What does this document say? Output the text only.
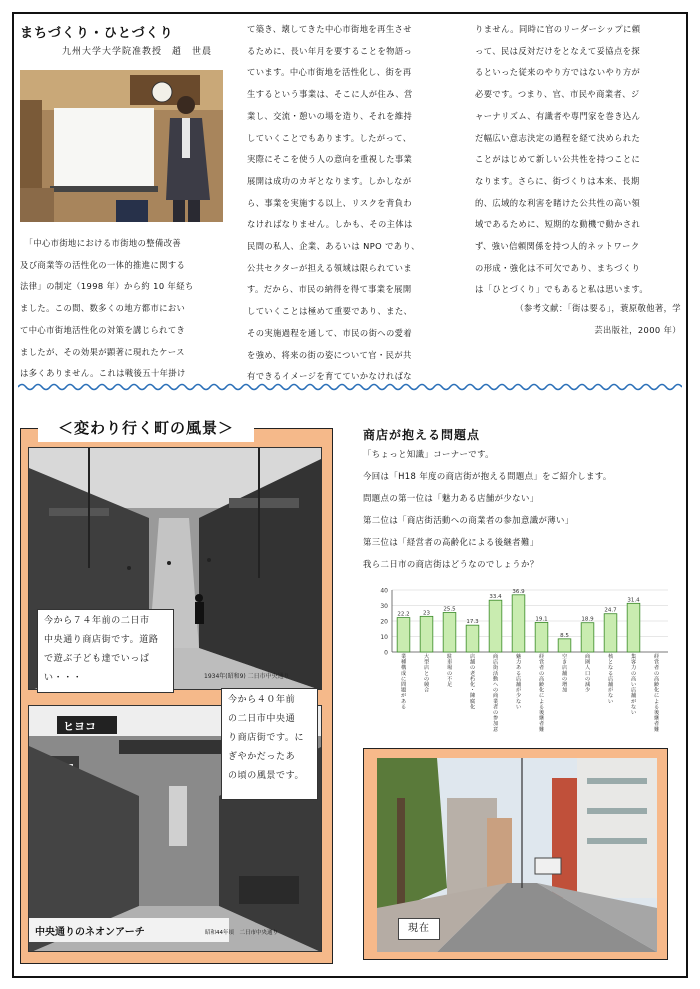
まちづくり・ひとづくり
九州大学大学院准教授　趙　世晨

　「中心市街地における市街地の整備改善

及び商業等の活性化の一体的推進に関する

法律」の制定（1998 年）から約 10 年経ち

ました。この間、数多くの地方都市におい

て中心市街地活性化の対策を講じられてき

ましたが、その効果が顕著に現れたケース

は多くありません。これは戦後五十年掛け

て築き、壊してきた中心市街地を再生させ

るために、長い年月を要することを物語っ

ています。中心市街地を活性化し、街を再

生するという事業は、そこに人が住み、営

業し、交流・憩いの場を造り、それを維持

していくことでもあります。したがって、

実際にそこを使う人の意向を重視した事業

展開は成功のカギとなります。しかしなが

ら、事業を実施する以上、リスクを背負わ

なければなりません。しかも、その主体は

民間の私人、企業、あるいは NPO であり、

公共セクターが担える領域は限られていま

す。だから、市民の納得を得て事業を展開

していくことは極めて重要であり、また、

その実施過程を通して、市民の街への愛着

を強め、将来の街の姿について官・民が共

有できるイメージを育てていかなければな

りません。同時に官のリーダーシップに頼

って、民は反対だけをとなえて妥協点を探

るといった従来のやり方ではないやり方が

必要です。つまり、官、市民や商業者、ジ

ャーナリズム、有識者や専門家を巻き込ん

だ幅広い意志決定の過程を経て決められた

ことがはじめて新しい公共性を持つことに

なります。さらに、街づくりは本来、長期

的、広域的な利害を睹けた公共性の高い領

域であるために、短期的な動機で動かされ

ず、強い信頼関係を持つ人的ネットワーク

の形成・強化は不可欠であり、まちづくり

は「ひとづくり」でもあると私は思います。

（参考文献：「街は要る」，蓑原敬他著，学

芸出版社，2000 年）

＜変わり行く町の風景＞
1934年(昭和9) 二日市中央通り

今から７４年前の二日市

中央通り商店街です。道路

で遊ぶ子ども達でいっぱ

い・・・

ヒヨコ
中央通りのネオンアーチ	昭和44年頃　二日市中央通り

今から４０年前

の二日市中央通

り商店街です。に

ぎやかだったあ

の頃の風景です。

商店が抱える問題点
「ちょっと知識」コーナーです。
今回は「H18 年度の商店街が抱える問題点」をご紹介します。
問題点の第一位は「魅力ある店舗が少ない」
第二位は「商店街活動への商業者の参加意識が薄い」
第三位は「経営者の高齢化による後継者難」
我ら二日市の商店街はどうなのでしょうか？
0
10
20
30
40
22.2
業種構成に問題がある
23
大型店との競合
25.5
駐車場の不足
17.3
店舗の老朽化・陳腐化
33.4
商店街活動への商業者の参加意
36.9
魅力ある店舗が少ない
19.1
経営者の高齢化による後継者難
8.5
空き店舗の増加
18.9
商圏人口の減少
24.7
核となる店舗がない
31.4
集客力の高い店舗がない
経営者の高齢化による後継者難
現在
